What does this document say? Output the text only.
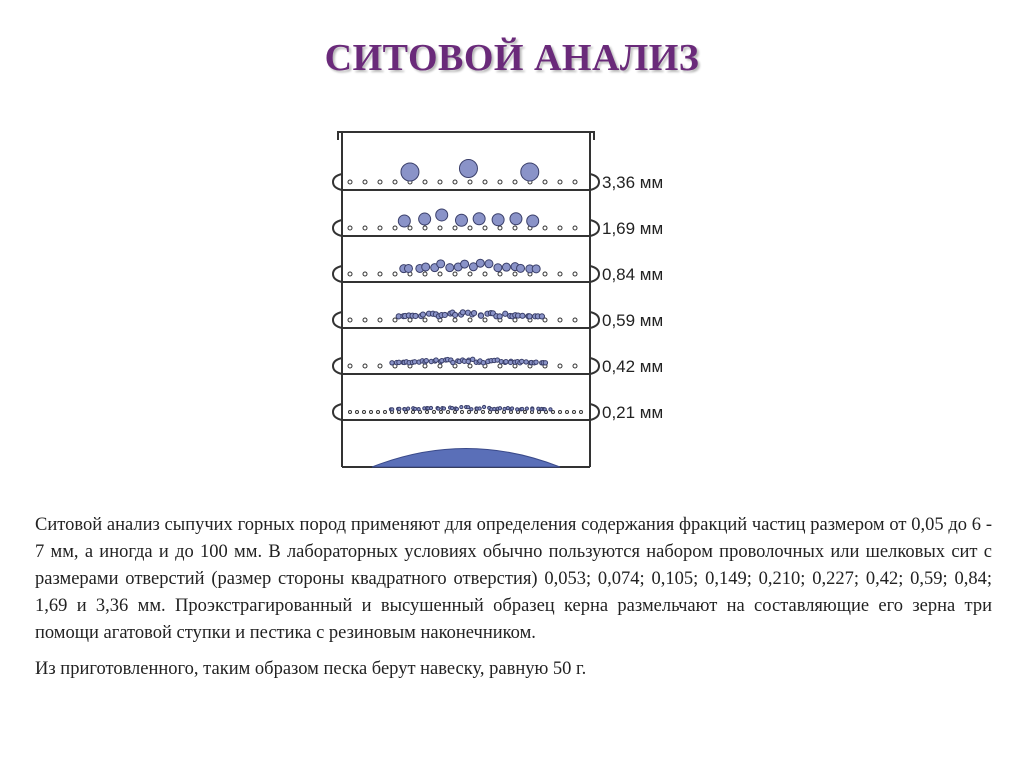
СИТОВОЙ АНАЛИЗ
3,36 мм
1,69 мм
0,84 мм
0,59 мм
0,42 мм
0,21 мм

Ситовой анализ сыпучих горных пород применяют для определения содержания фракций частиц размером от 0,05 до 6 - 7 мм, а иногда и до 100 мм. В лабораторных условиях обычно пользуются набором проволочных или шелковых сит с размерами отверстий (размер стороны квадратного отверстия) 0,053; 0,074; 0,105; 0,149; 0,210; 0,227; 0,42; 0,59; 0,84; 1,69 и 3,36 мм. Проэкстрагированный и высушенный образец керна размельчают на составляющие его зерна три помощи агатовой ступки и пестика с резиновым наконечником.

Из приготовленного, таким образом песка берут навеску, равную 50 г.
